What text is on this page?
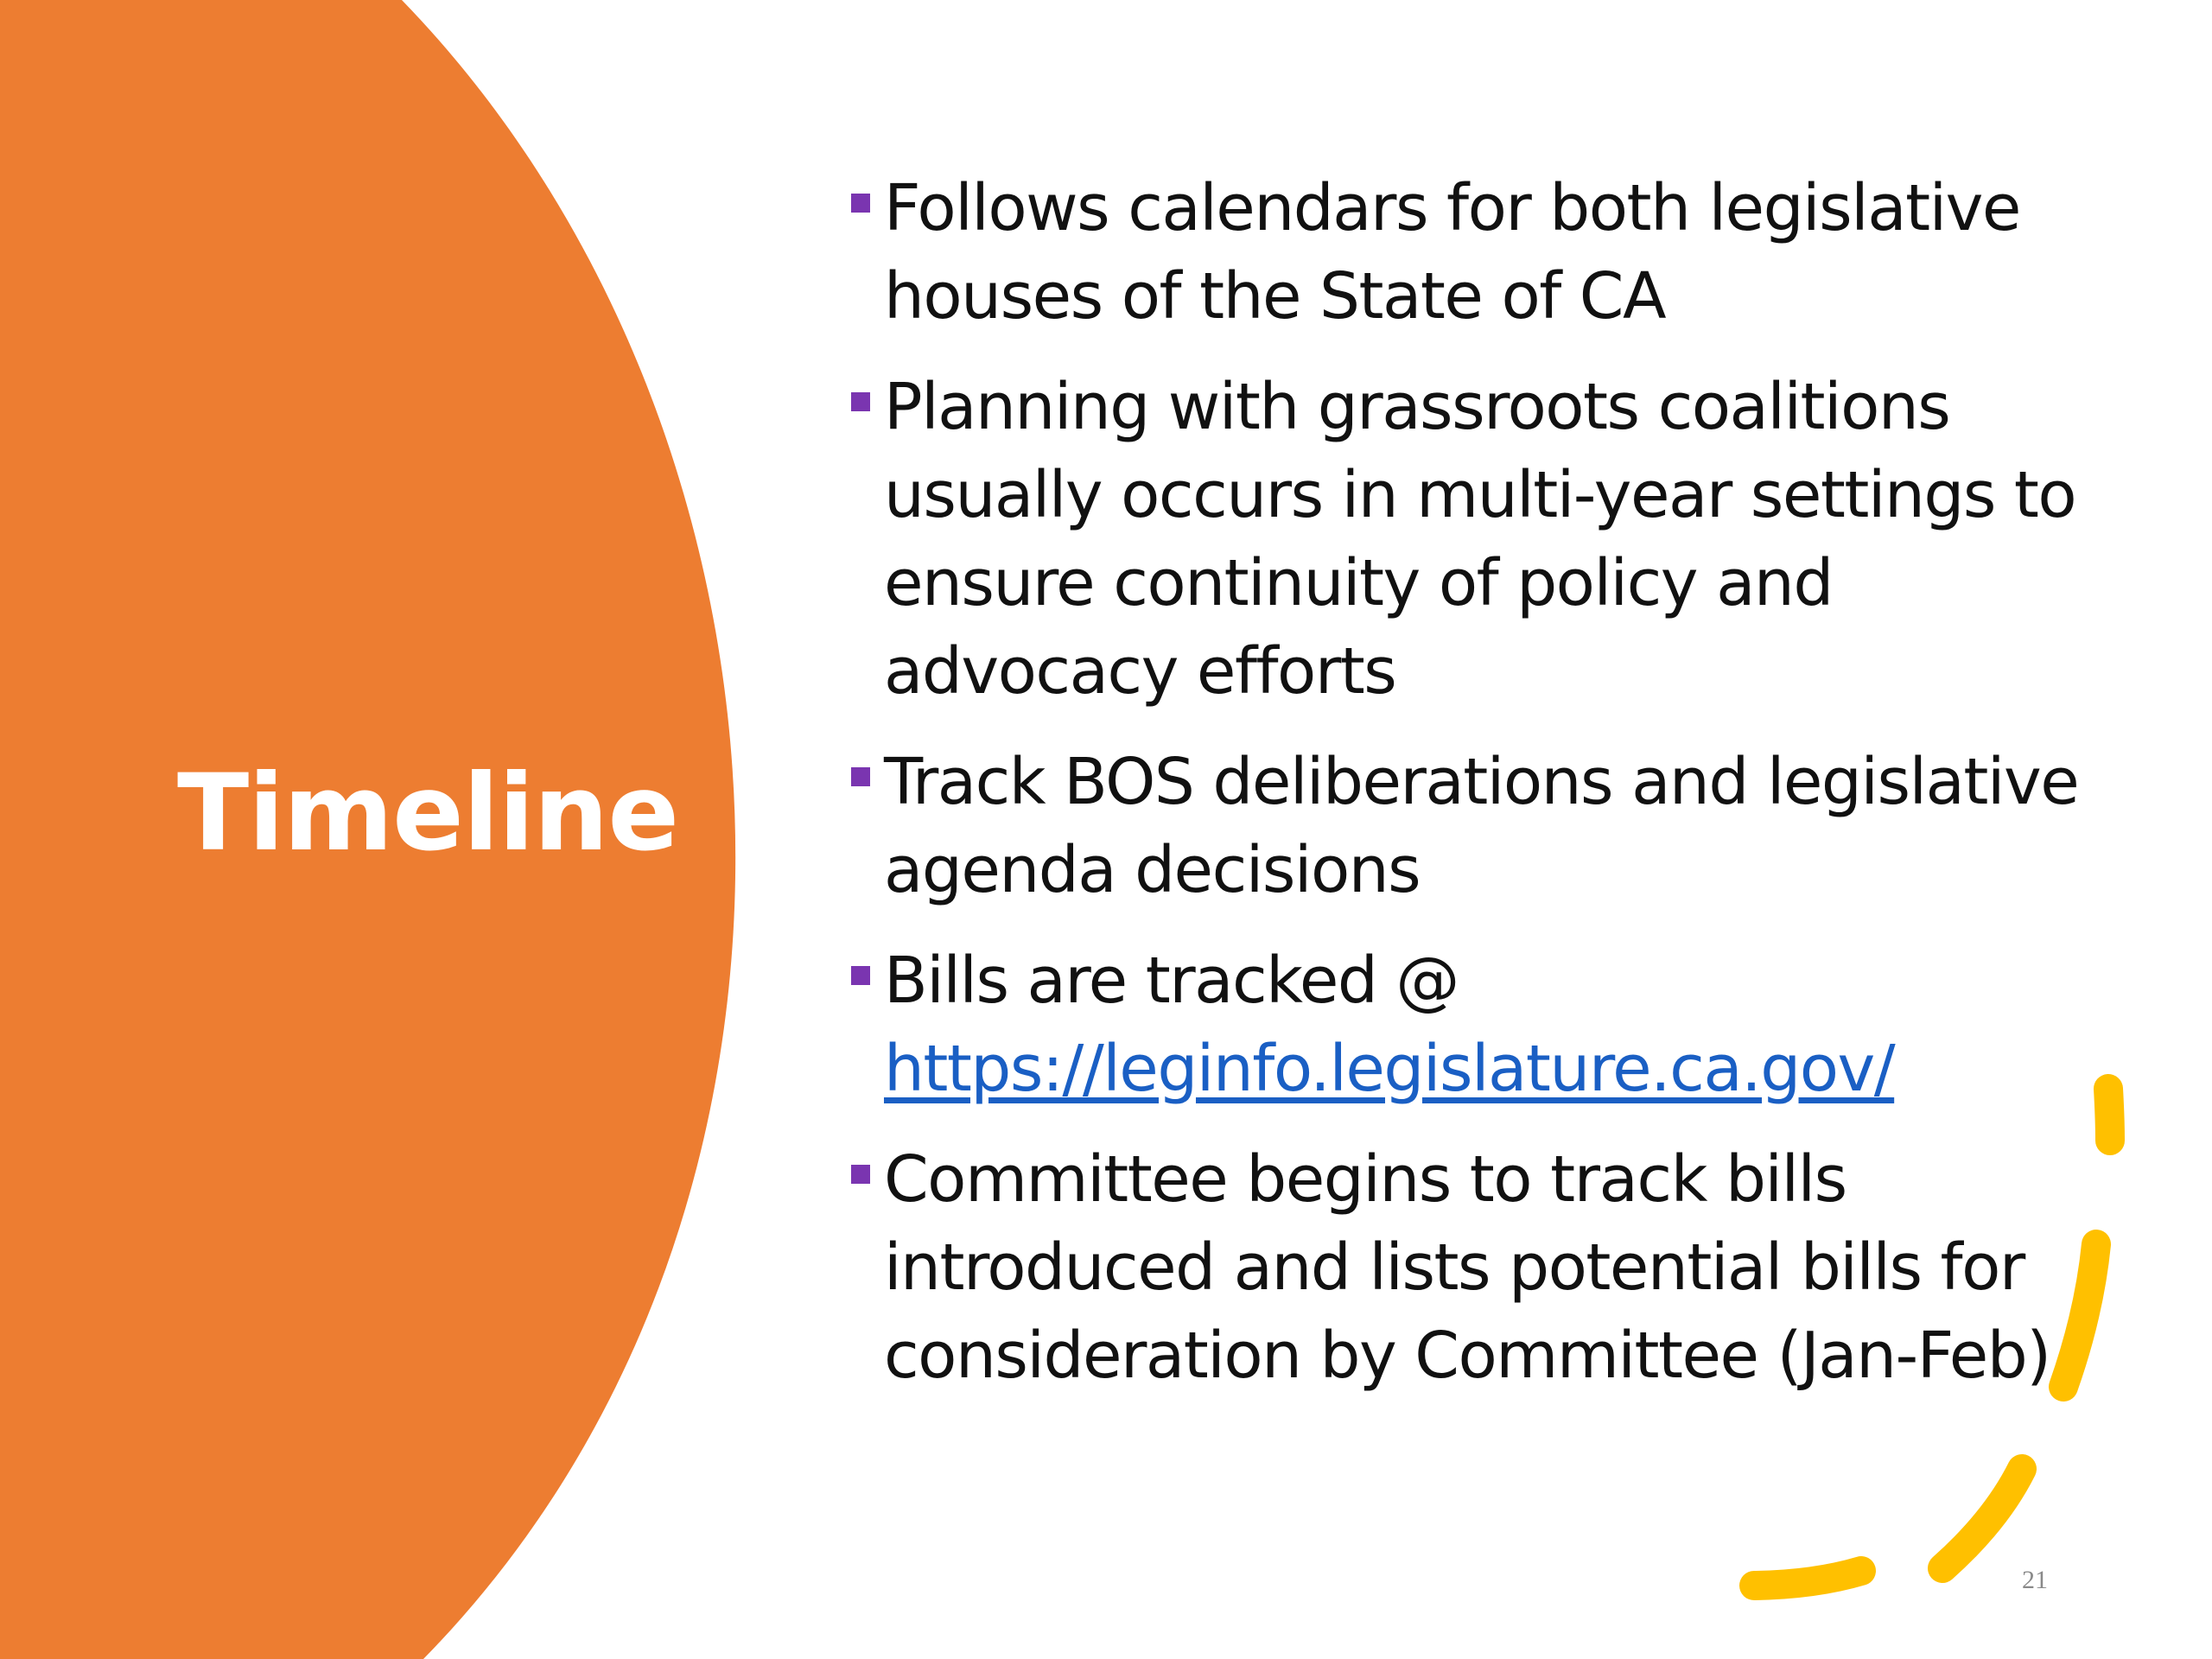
Timeline
Follows calendars for both legislative houses of the State of CA
Planning with grassroots coalitions usually occurs in multi-year settings to ensure continuity of policy and advocacy efforts
Track BOS deliberations and legislative agenda decisions
Bills are tracked @ https://leginfo.legislature.ca.gov/
Committee begins to track bills introduced and lists potential bills for consideration by Committee (Jan-Feb)
21
